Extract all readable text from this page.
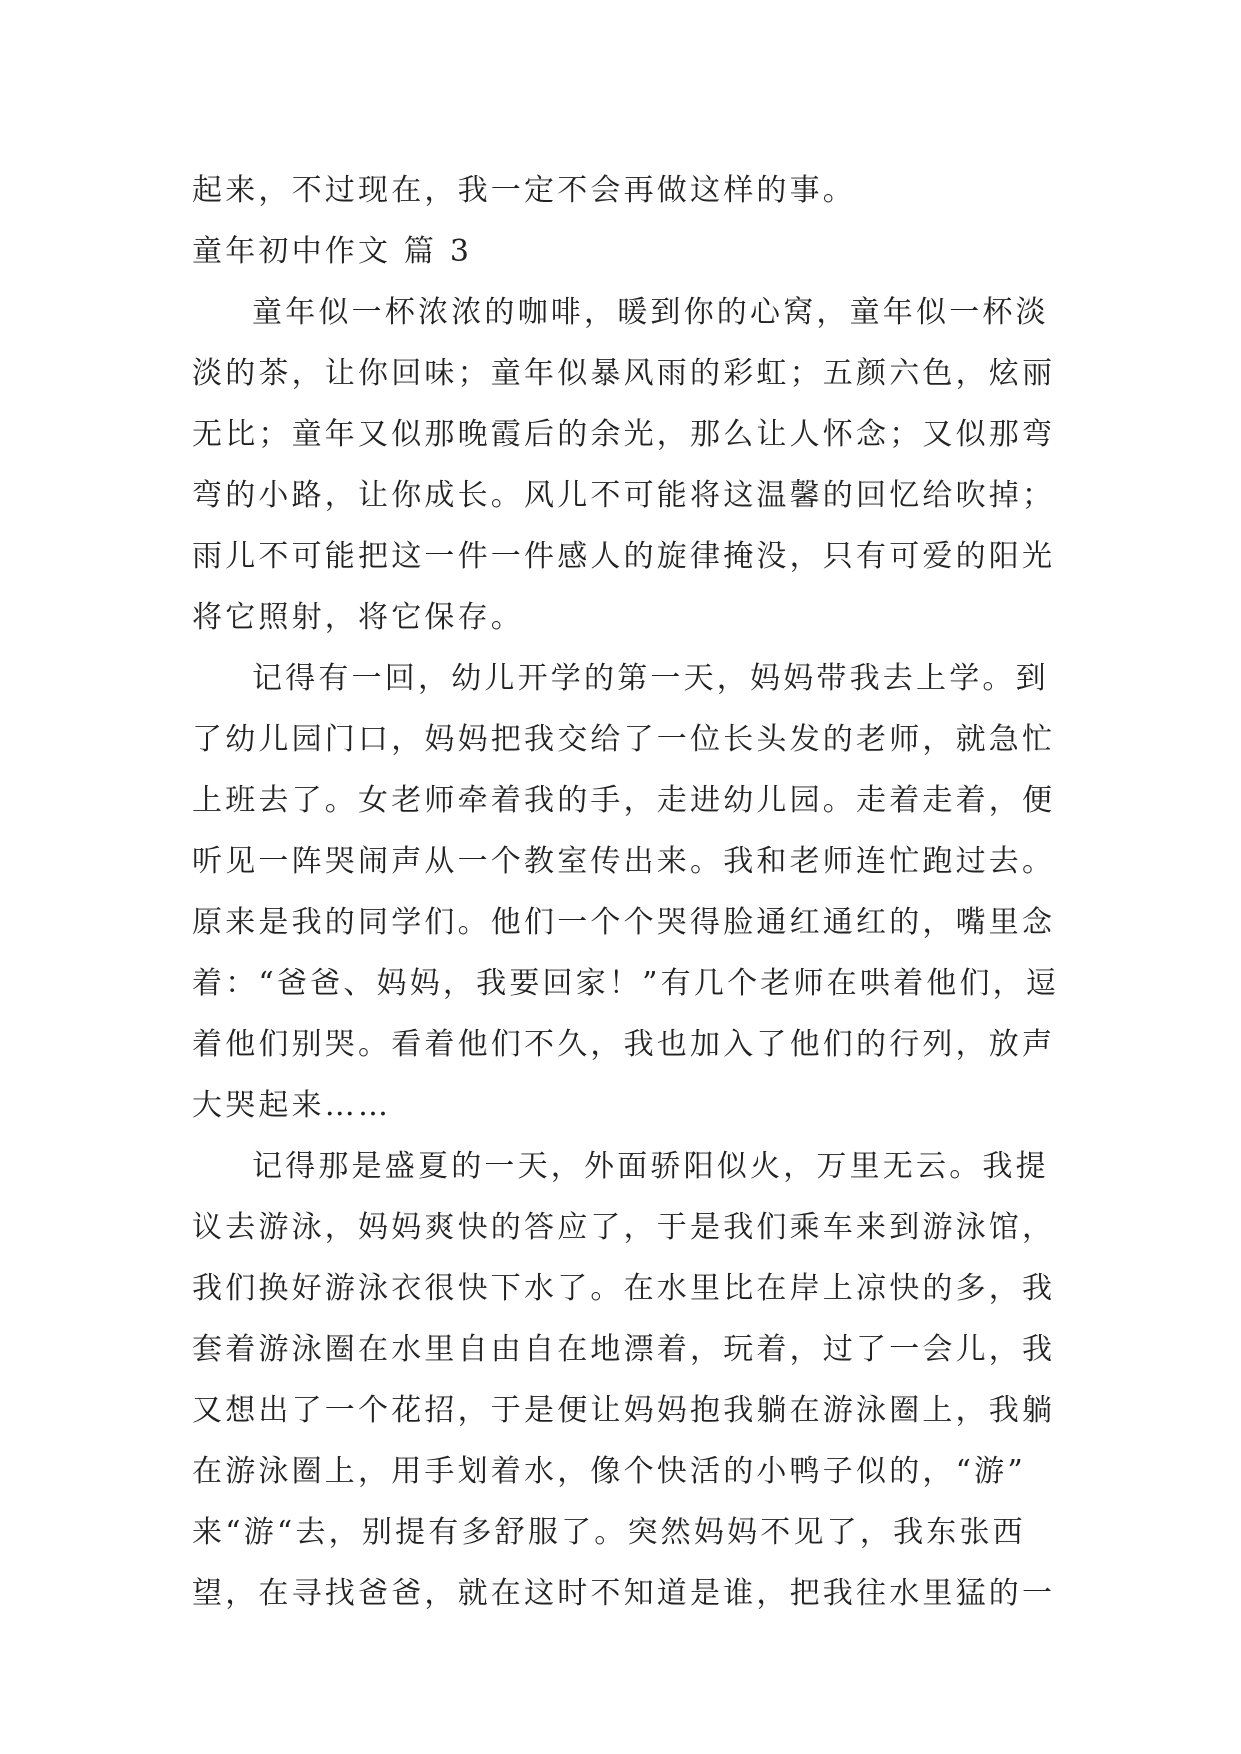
起来，不过现在，我一定不会再做这样的事。
童年初中作文 篇 3
童年似一杯浓浓的咖啡，暖到你的心窝，童年似一杯淡
淡的茶，让你回味；童年似暴风雨的彩虹；五颜六色，炫丽
无比；童年又似那晚霞后的余光，那么让人怀念；又似那弯
弯的小路，让你成长。风儿不可能将这温馨的回忆给吹掉；
雨儿不可能把这一件一件感人的旋律掩没，只有可爱的阳光
将它照射，将它保存。
记得有一回，幼儿开学的第一天，妈妈带我去上学。到
了幼儿园门口，妈妈把我交给了一位长头发的老师，就急忙
上班去了。女老师牵着我的手，走进幼儿园。走着走着，便
听见一阵哭闹声从一个教室传出来。我和老师连忙跑过去。
原来是我的同学们。他们一个个哭得脸通红通红的，嘴里念
着：“爸爸、妈妈，我要回家！”有几个老师在哄着他们，逗
着他们别哭。看着他们不久，我也加入了他们的行列，放声
大哭起来……
记得那是盛夏的一天，外面骄阳似火，万里无云。我提
议去游泳，妈妈爽快的答应了，于是我们乘车来到游泳馆，
我们换好游泳衣很快下水了。在水里比在岸上凉快的多，我
套着游泳圈在水里自由自在地漂着，玩着，过了一会儿，我
又想出了一个花招，于是便让妈妈抱我躺在游泳圈上，我躺
在游泳圈上，用手划着水，像个快活的小鸭子似的，“游”
来“游“去，别提有多舒服了。突然妈妈不见了，我东张西
望，在寻找爸爸，就在这时不知道是谁，把我往水里猛的一
